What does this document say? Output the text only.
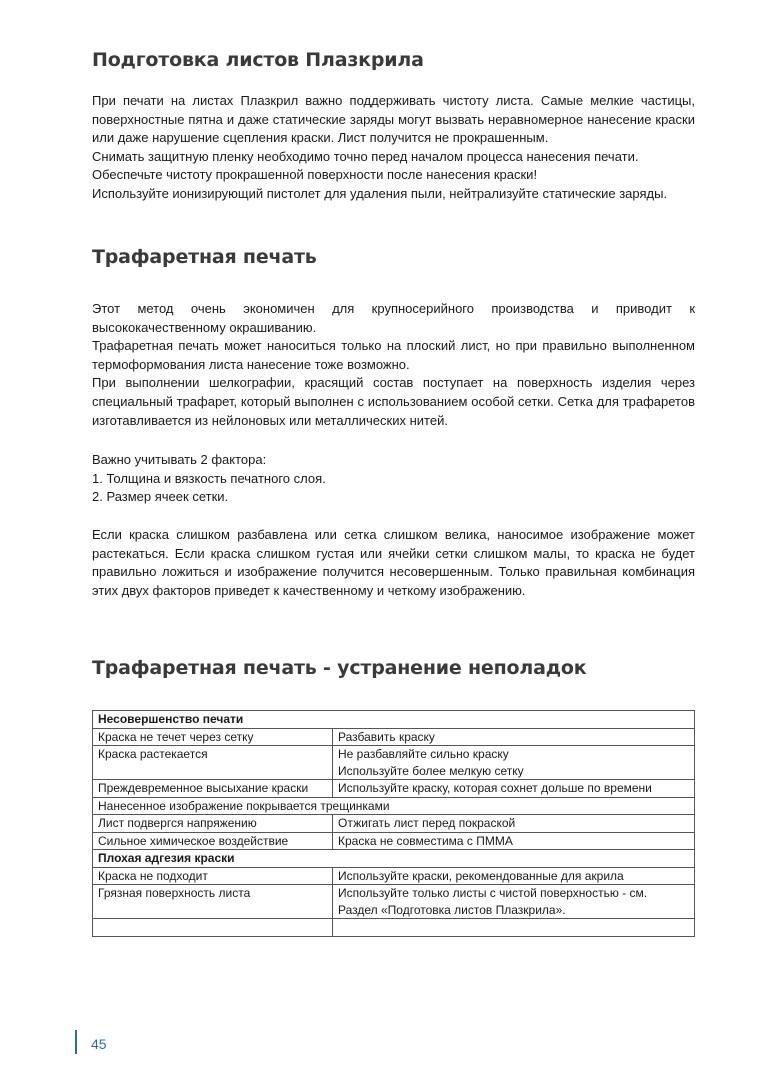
Подготовка листов Плазкрила

При печати на листах Плазкрил важно поддерживать чистоту листа. Самые мелкие частицы, поверхностные пятна и даже статические заряды могут вызвать неравномерное нанесение краски или даже нарушение сцепления краски. Лист получится не прокрашенным.

Снимать защитную пленку необходимо точно перед началом процесса нанесения печати.

Обеспечьте чистоту прокрашенной поверхности после нанесения краски!

Используйте ионизирующий пистолет для удаления пыли, нейтрализуйте статические заряды.

Трафаретная печать

Этот метод очень экономичен для крупносерийного производства и приводит к высококачественному окрашиванию.

Трафаретная печать может наноситься только на плоский лист, но при правильно выполненном термоформования листа нанесение тоже возможно.

При выполнении шелкографии, красящий состав поступает на поверхность изделия через специальный трафарет, который выполнен с использованием особой сетки. Сетка для трафаретов изготавливается из нейлоновых или металлических нитей.

Важно учитывать 2 фактора:

1. Толщина и вязкость печатного слоя.

2. Размер ячеек сетки.

Если краска слишком разбавлена или сетка слишком велика, наносимое изображение может растекаться. Если краска слишком густая или ячейки сетки слишком малы, то краска не будет правильно ложиться и изображение получится несовершенным. Только правильная комбинация этих двух факторов приведет к качественному и четкому изображению.

Трафаретная печать - устранение неполадок
Несовершенство печати	
Краска не течет через сетку	Разбавить краску
Краска растекается	Не разбавляйте сильно краску
Используйте более мелкую сетку

Преждевременное высыхание краски	Используйте краску, которая сохнет дольше по времени
Нанесенное изображение покрывается трещинками	
Лист подвергся напряжению	Отжигать лист перед покраской
Сильное химическое воздействие	Краска не совместима с ПММА
Плохая адгезия краски	
Краска не подходит	Используйте краски, рекомендованные для акрила
Грязная поверхность листа	Используйте только листы с чистой поверхностью - см. Раздел «Подготовка листов Плазкрила».

45
